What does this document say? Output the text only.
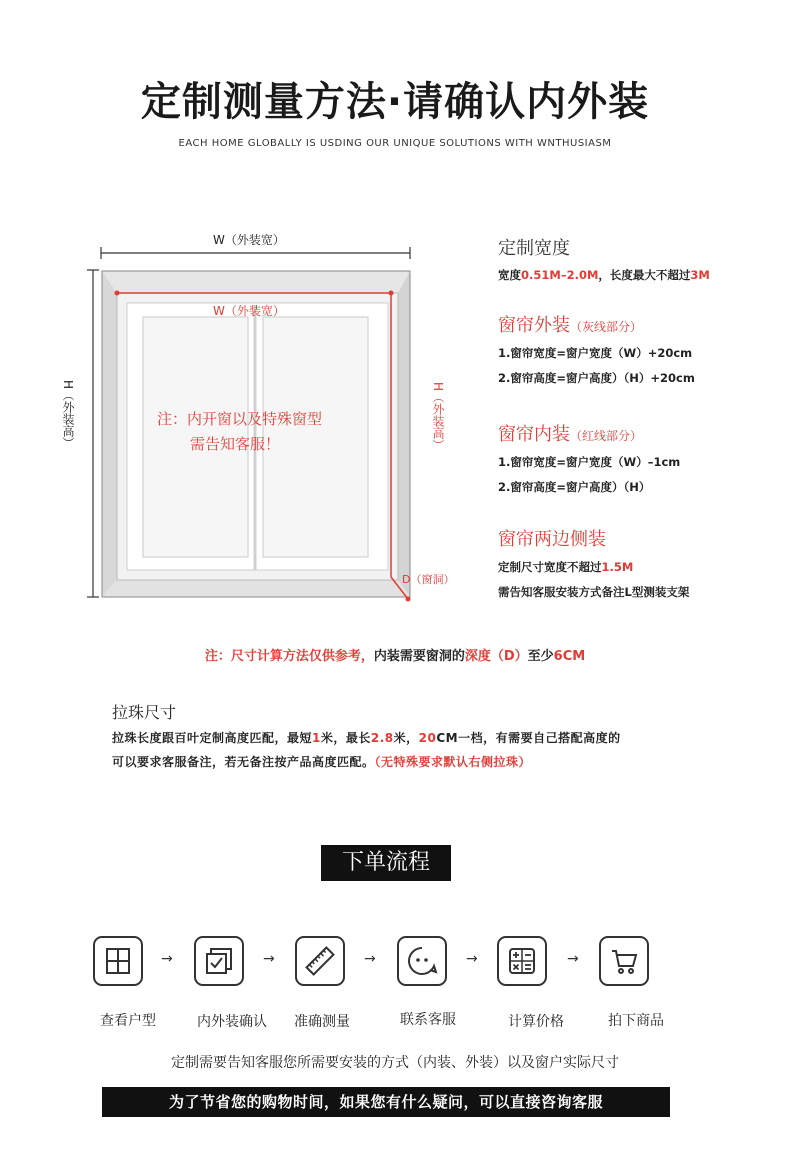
定制测量方法·请确认内外装
EACH HOME GLOBALLY IS USDING OUR UNIQUE SOLUTIONS WITH WNTHUSIASM
W（外装宽）
W（外装宽）
H（外装高）	H（外装高）
D（窗洞）
注：内开窗以及特殊窗型
需告知客服！
定制宽度
宽度0.51M–2.0M，长度最大不超过3M
窗帘外装（灰线部分）
1.窗帘宽度=窗户宽度（W）+20cm
2.窗帘高度=窗户高度）（H）+20cm
窗帘内装（红线部分）
1.窗帘宽度=窗户宽度（W）–1cm
2.窗帘高度=窗户高度）（H）
窗帘两边侧装
定制尺寸宽度不超过1.5M
需告知客服安装方式备注L型测装支架
注：尺寸计算方法仅供参考，内装需要窗洞的深度（D）至少6CM
拉珠尺寸
拉珠长度跟百叶定制高度匹配，最短1米，最长2.8米，20CM一档，有需要自己搭配高度的
可以要求客服备注，若无备注按产品高度匹配。（无特殊要求默认右侧拉珠）
下单流程
→	→	→	→	→
查看户型	内外装确认	准确测量	联系客服	计算价格	拍下商品
定制需要告知客服您所需要安装的方式（内装、外装）以及窗户实际尺寸
为了节省您的购物时间，如果您有什么疑问，可以直接咨询客服
